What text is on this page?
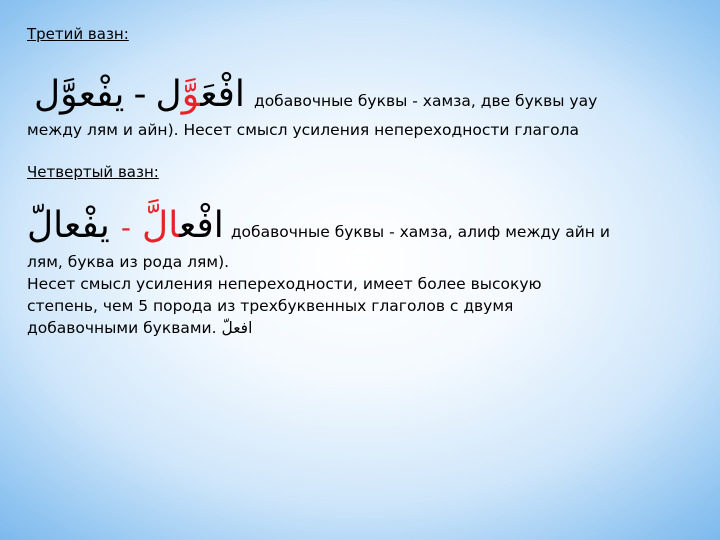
Третий вазн:
يفْعوَّل - افْعَوَّل	добавочные буквы - хамза, две буквы уау
между лям и айн). Несет смысл усиления непереходности глагола
Четвертый вазн:
يفْعالّ - افْعالَّ	добавочные буквы - хамза, алиф между айн и
лям, буква из рода лям).
Несет смысл усиления непереходности, имеет более высокую
степень, чем 5 порода из трехбуквенных глаголов с двумя
добавочными буквами. افعلّ
